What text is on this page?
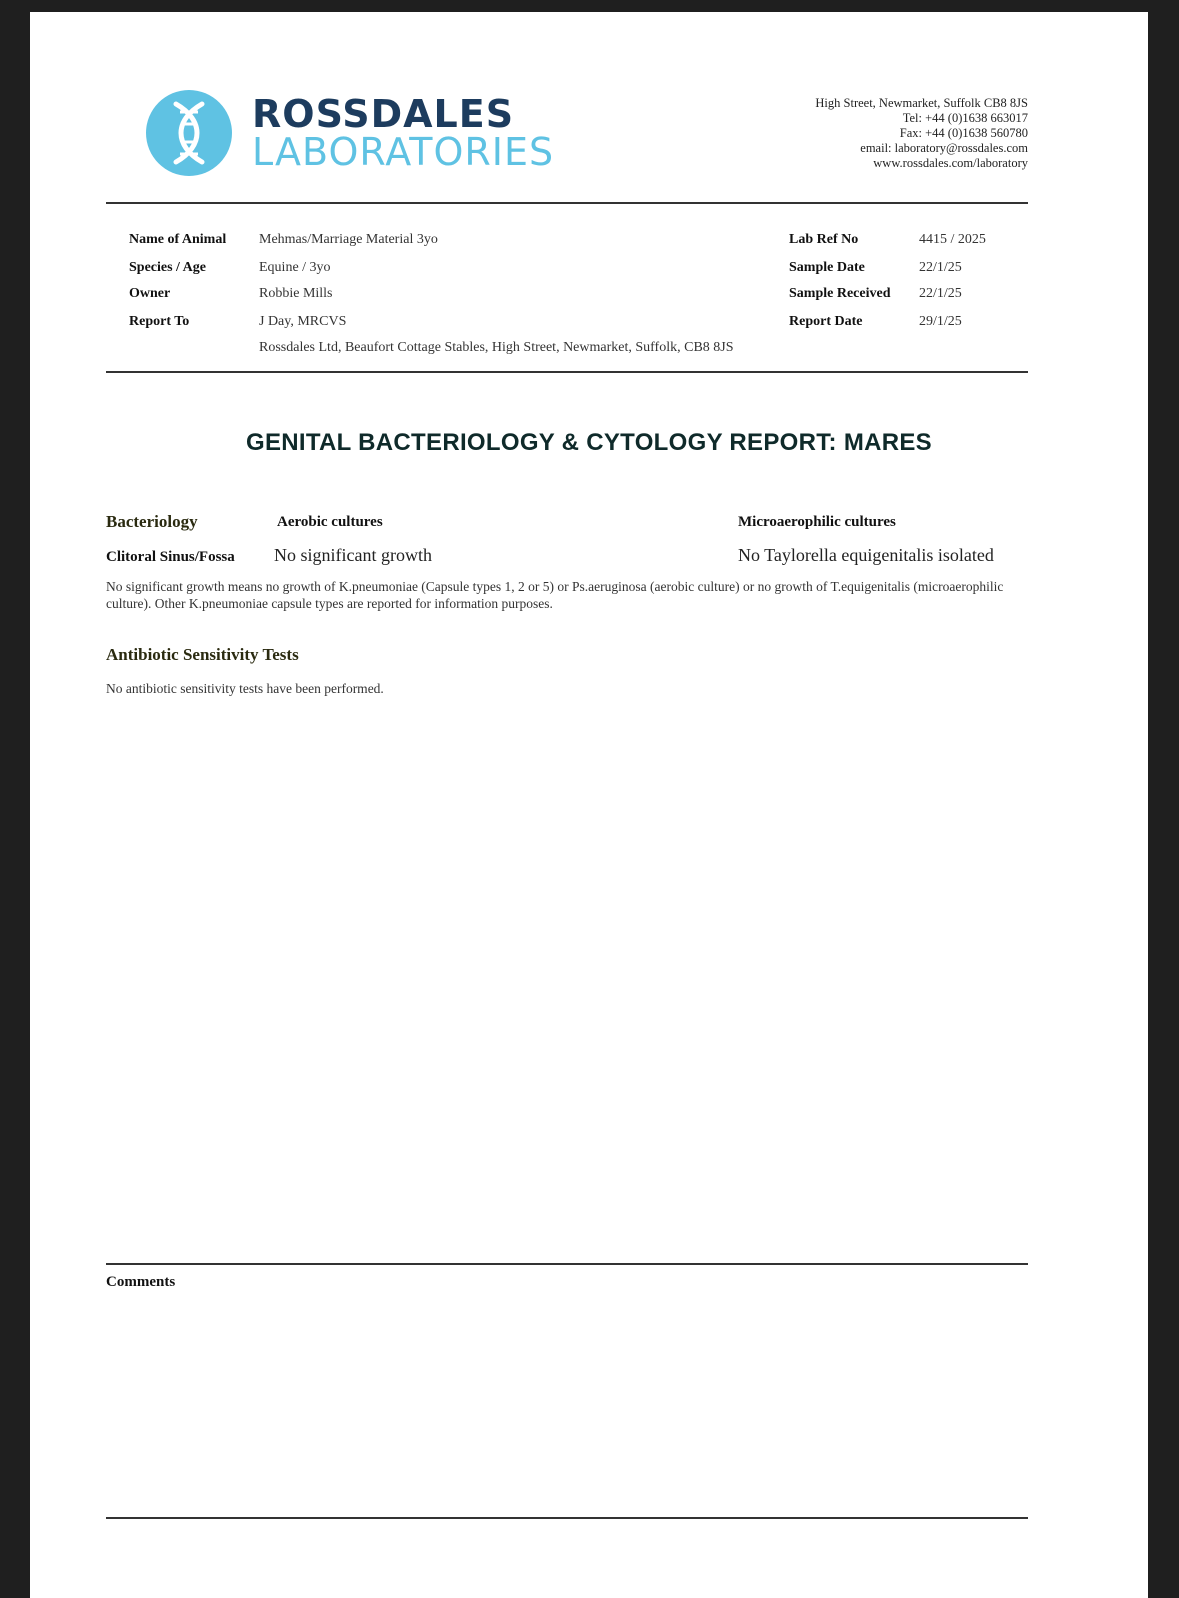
ROSSDALES
LABORATORIES
High Street, Newmarket, Suffolk CB8 8JS
Tel: +44 (0)1638 663017
Fax: +44 (0)1638 560780
email: laboratory@rossdales.com
www.rossdales.com/laboratory
Name of Animal Mehmas/Marriage Material 3yo
Species / Age	Equine / 3yo
Owner	Robbie Mills
Report To	J Day, MRCVS
Rossdales Ltd, Beaufort Cottage Stables, High Street, Newmarket, Suffolk, CB8 8JS
Lab Ref No	4415 / 2025
Sample Date	22/1/25
Sample Received 22/1/25
Report Date	29/1/25
GENITAL BACTERIOLOGY & CYTOLOGY REPORT: MARES
Bacteriology	Aerobic cultures	Microaerophilic cultures
Clitoral Sinus/Fossa No significant growth	No Taylorella equigenitalis isolated
No significant growth means no growth of K.pneumoniae (Capsule types 1, 2 or 5) or Ps.aeruginosa (aerobic culture) or no growth of T.equigenitalis (microaerophilic culture). Other K.pneumoniae capsule types are reported for information purposes.
Antibiotic Sensitivity Tests
No antibiotic sensitivity tests have been performed.
Comments
